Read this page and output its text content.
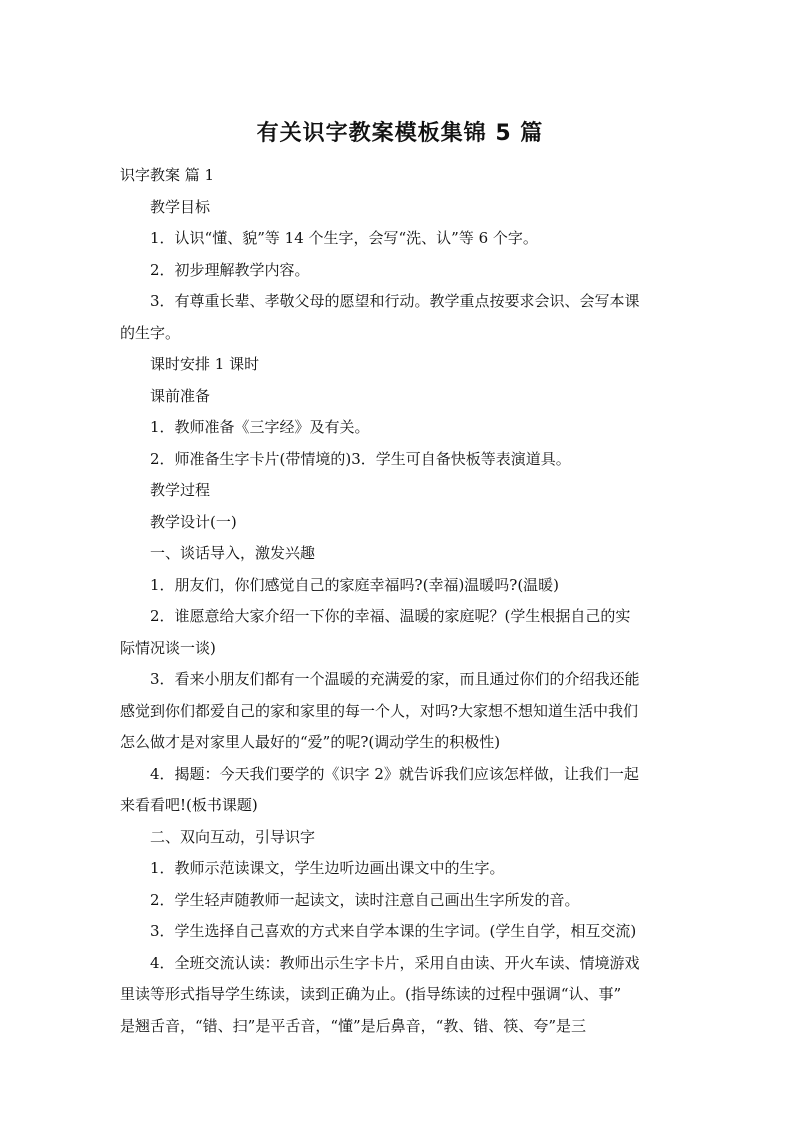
有关识字教案模板集锦 5 篇

识字教案 篇 1

教学目标

1．认识“懂、貌”等 14 个生字，会写“洗、认”等 6 个字。

2．初步理解教学内容。

3．有尊重长辈、孝敬父母的愿望和行动。教学重点按要求会识、会写本课

的生字。

课时安排 1 课时

课前准备

1．教师准备《三字经》及有关。

2．师准备生字卡片(带情境的)3．学生可自备快板等表演道具。

教学过程

教学设计(一)

一、谈话导入，激发兴趣

1．朋友们，你们感觉自己的家庭幸福吗?(幸福)温暖吗?(温暖)

2．谁愿意给大家介绍一下你的幸福、温暖的家庭呢？(学生根据自己的实

际情况谈一谈)

3．看来小朋友们都有一个温暖的充满爱的家，而且通过你们的介绍我还能

感觉到你们都爱自己的家和家里的每一个人，对吗?大家想不想知道生活中我们

怎么做才是对家里人最好的“爱”的呢?(调动学生的积极性)

4．揭题：今天我们要学的《识字 2》就告诉我们应该怎样做，让我们一起

来看看吧!(板书课题)

二、双向互动，引导识字

1．教师示范读课文，学生边听边画出课文中的生字。

2．学生轻声随教师一起读文，读时注意自己画出生字所发的音。

3．学生选择自己喜欢的方式来自学本课的生字词。(学生自学，相互交流)

4．全班交流认读：教师出示生字卡片，采用自由读、开火车读、情境游戏

里读等形式指导学生练读，读到正确为止。(指导练读的过程中强调“认、事”

是翘舌音，“错、扫”是平舌音，“懂”是后鼻音，“教、错、筷、夸”是三
